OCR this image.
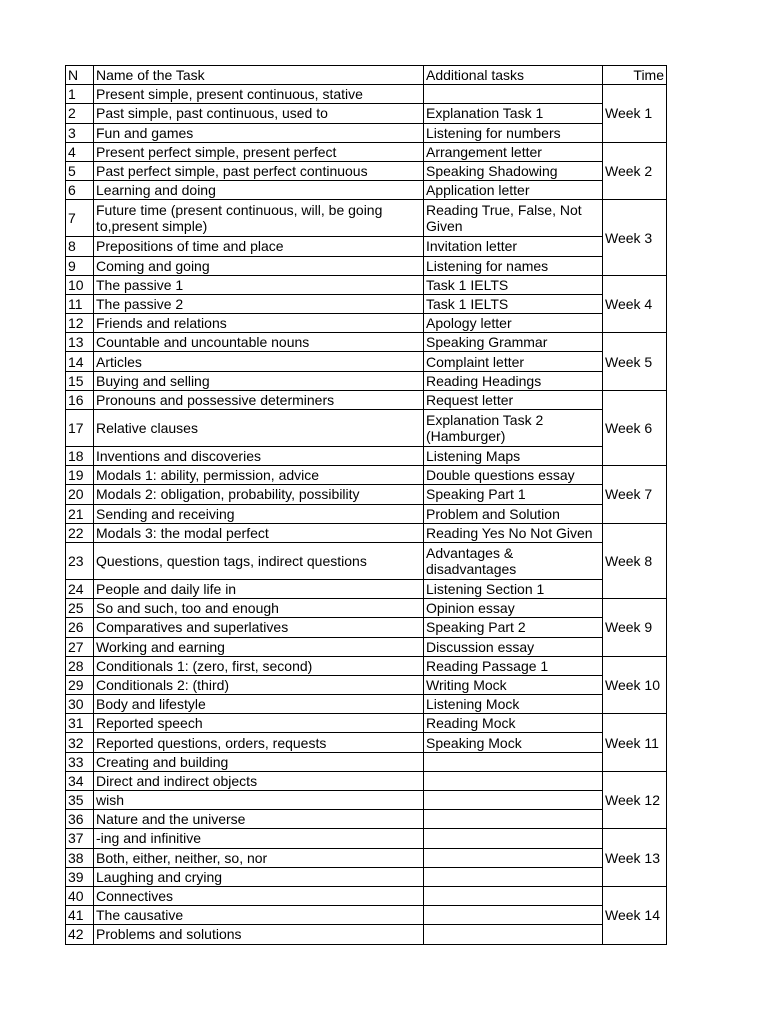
N	Name of the Task	Additional tasks	Time
1	Present simple, present continuous, stative		Week 1
2	Past simple, past continuous, used to	Explanation Task 1	
3	Fun and games	Listening for numbers	
4	Present perfect simple, present perfect	Arrangement letter	Week 2
5	Past perfect simple, past perfect continuous	Speaking Shadowing	
6	Learning and doing	Application letter	
7	Future time (present continuous, will, be going to,present simple)	Reading True, False, Not Given	Week 3
8	Prepositions of time and place	Invitation letter	
9	Coming and going	Listening for names	
10	The passive 1	Task 1 IELTS	Week 4
11	The passive 2	Task 1 IELTS	
12	Friends and relations	Apology letter	
13	Countable and uncountable nouns	Speaking Grammar	Week 5
14	Articles	Complaint letter	
15	Buying and selling	Reading Headings	
16	Pronouns and possessive determiners	Request letter	Week 6
17	Relative clauses	Explanation Task 2 (Hamburger)	
18	Inventions and discoveries	Listening Maps	
19	Modals 1: ability, permission, advice	Double questions essay	Week 7
20	Modals 2: obligation, probability, possibility	Speaking Part 1	
21	Sending and receiving	Problem and Solution	
22	Modals 3: the modal perfect	Reading Yes No Not Given	Week 8
23	Questions, question tags, indirect questions	Advantages & disadvantages	
24	People and daily life in	Listening Section 1	
25	So and such, too and enough	Opinion essay	Week 9
26	Comparatives and superlatives	Speaking Part 2	
27	Working and earning	Discussion essay	
28	Conditionals 1: (zero, first, second)	Reading Passage 1	Week 10
29	Conditionals 2: (third)	Writing Mock	
30	Body and lifestyle	Listening Mock	
31	Reported speech	Reading Mock	Week 11
32	Reported questions, orders, requests	Speaking Mock	
33	Creating and building		
34	Direct and indirect objects		Week 12
35	wish		
36	Nature and the universe		
37	-ing and infinitive		Week 13
38	Both, either, neither, so, nor		
39	Laughing and crying		
40	Connectives		Week 14
41	The causative		
42	Problems and solutions		
